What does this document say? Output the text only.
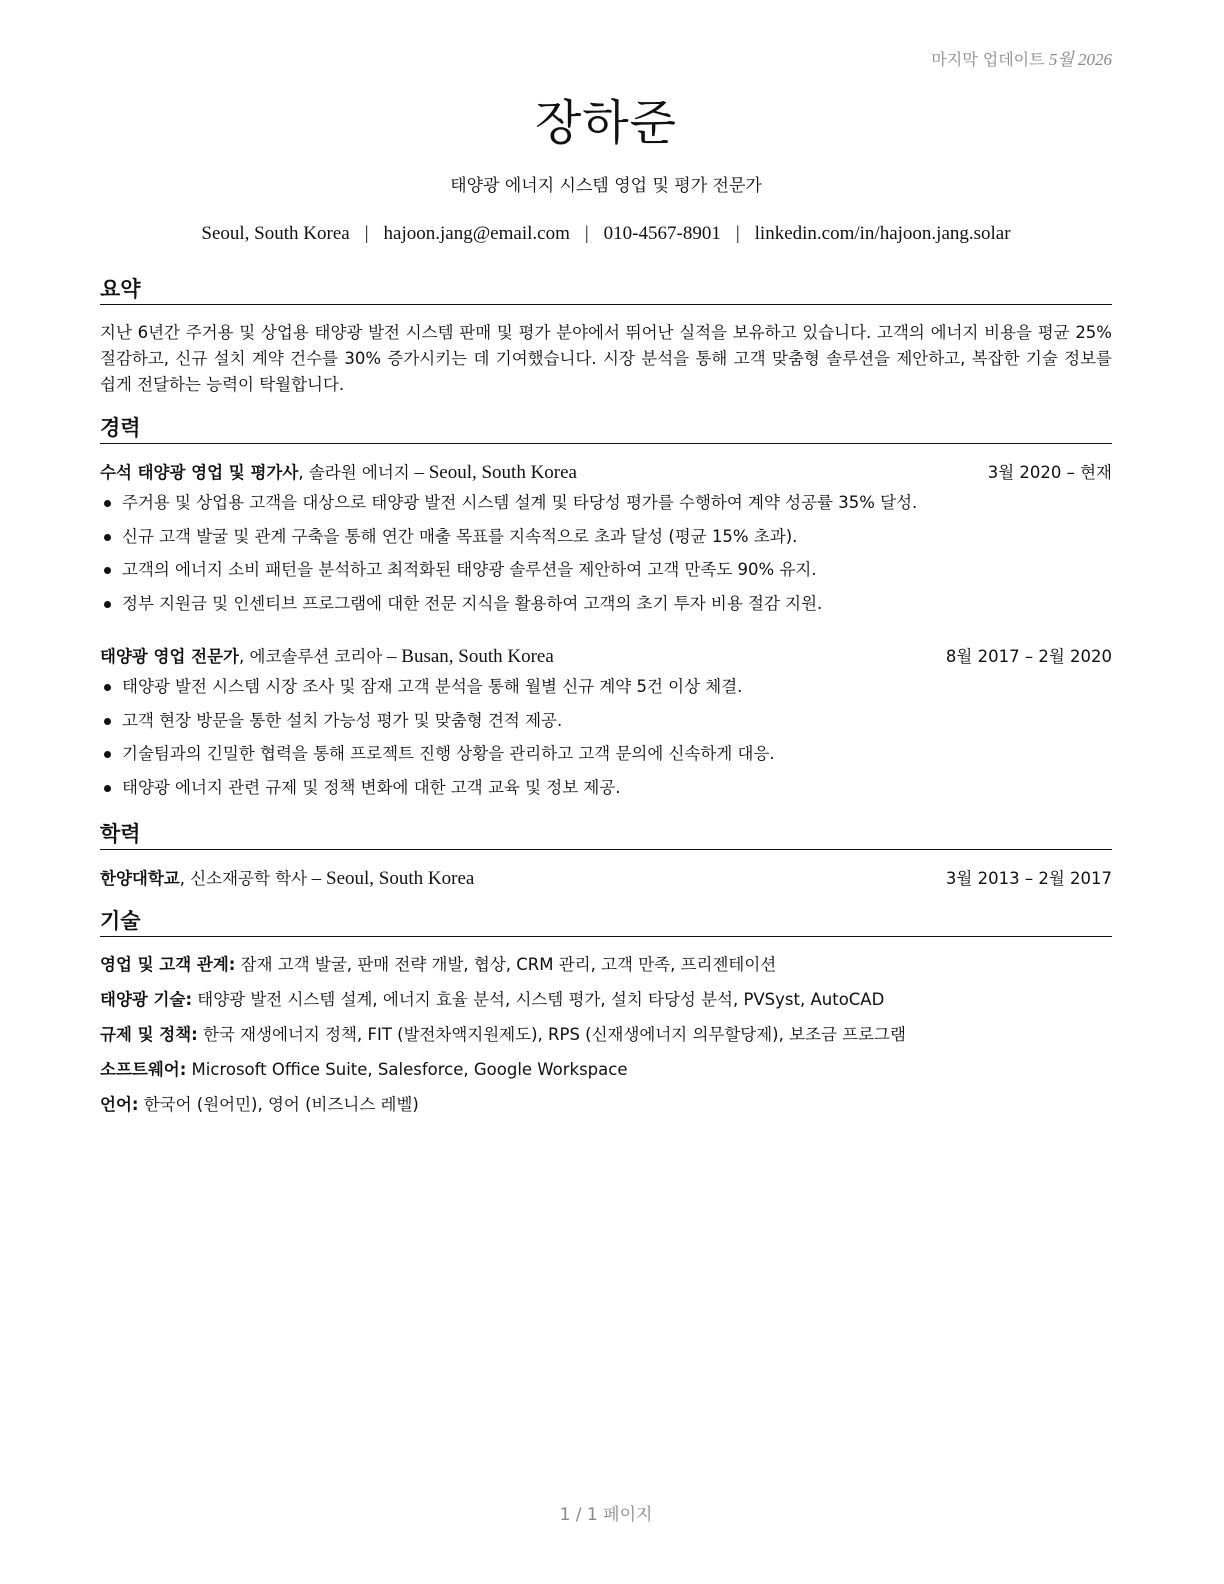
마지막 업데이트 5월 2026
장하준
태양광 에너지 시스템 영업 및 평가 전문가
Seoul, South Korea | hajoon.jang@email.com | 010-4567-8901 | linkedin.com/in/hajoon.jang.solar
요약
지난 6년간 주거용 및 상업용 태양광 발전 시스템 판매 및 평가 분야에서 뛰어난 실적을 보유하고 있습니다. 고객의 에너지 비용을 평균 25% 절감하고, 신규 설치 계약 건수를 30% 증가시키는 데 기여했습니다. 시장 분석을 통해 고객 맞춤형 솔루션을 제안하고, 복잡한 기술 정보를 쉽게 전달하는 능력이 탁월합니다.
경력
수석 태양광 영업 및 평가사, 솔라원 에너지 – Seoul, South Korea	3월 2020 – 현재
주거용 및 상업용 고객을 대상으로 태양광 발전 시스템 설계 및 타당성 평가를 수행하여 계약 성공률 35% 달성.
신규 고객 발굴 및 관계 구축을 통해 연간 매출 목표를 지속적으로 초과 달성 (평균 15% 초과).
고객의 에너지 소비 패턴을 분석하고 최적화된 태양광 솔루션을 제안하여 고객 만족도 90% 유지.
정부 지원금 및 인센티브 프로그램에 대한 전문 지식을 활용하여 고객의 초기 투자 비용 절감 지원.
태양광 영업 전문가, 에코솔루션 코리아 – Busan, South Korea	8월 2017 – 2월 2020
태양광 발전 시스템 시장 조사 및 잠재 고객 분석을 통해 월별 신규 계약 5건 이상 체결.
고객 현장 방문을 통한 설치 가능성 평가 및 맞춤형 견적 제공.
기술팀과의 긴밀한 협력을 통해 프로젝트 진행 상황을 관리하고 고객 문의에 신속하게 대응.
태양광 에너지 관련 규제 및 정책 변화에 대한 고객 교육 및 정보 제공.
학력
한양대학교, 신소재공학 학사 – Seoul, South Korea	3월 2013 – 2월 2017
기술
영업 및 고객 관계: 잠재 고객 발굴, 판매 전략 개발, 협상, CRM 관리, 고객 만족, 프리젠테이션
태양광 기술: 태양광 발전 시스템 설계, 에너지 효율 분석, 시스템 평가, 설치 타당성 분석, PVSyst, AutoCAD
규제 및 정책: 한국 재생에너지 정책, FIT (발전차액지원제도), RPS (신재생에너지 의무할당제), 보조금 프로그램
소프트웨어: Microsoft Office Suite, Salesforce, Google Workspace
언어: 한국어 (원어민), 영어 (비즈니스 레벨)
1 / 1 페이지
